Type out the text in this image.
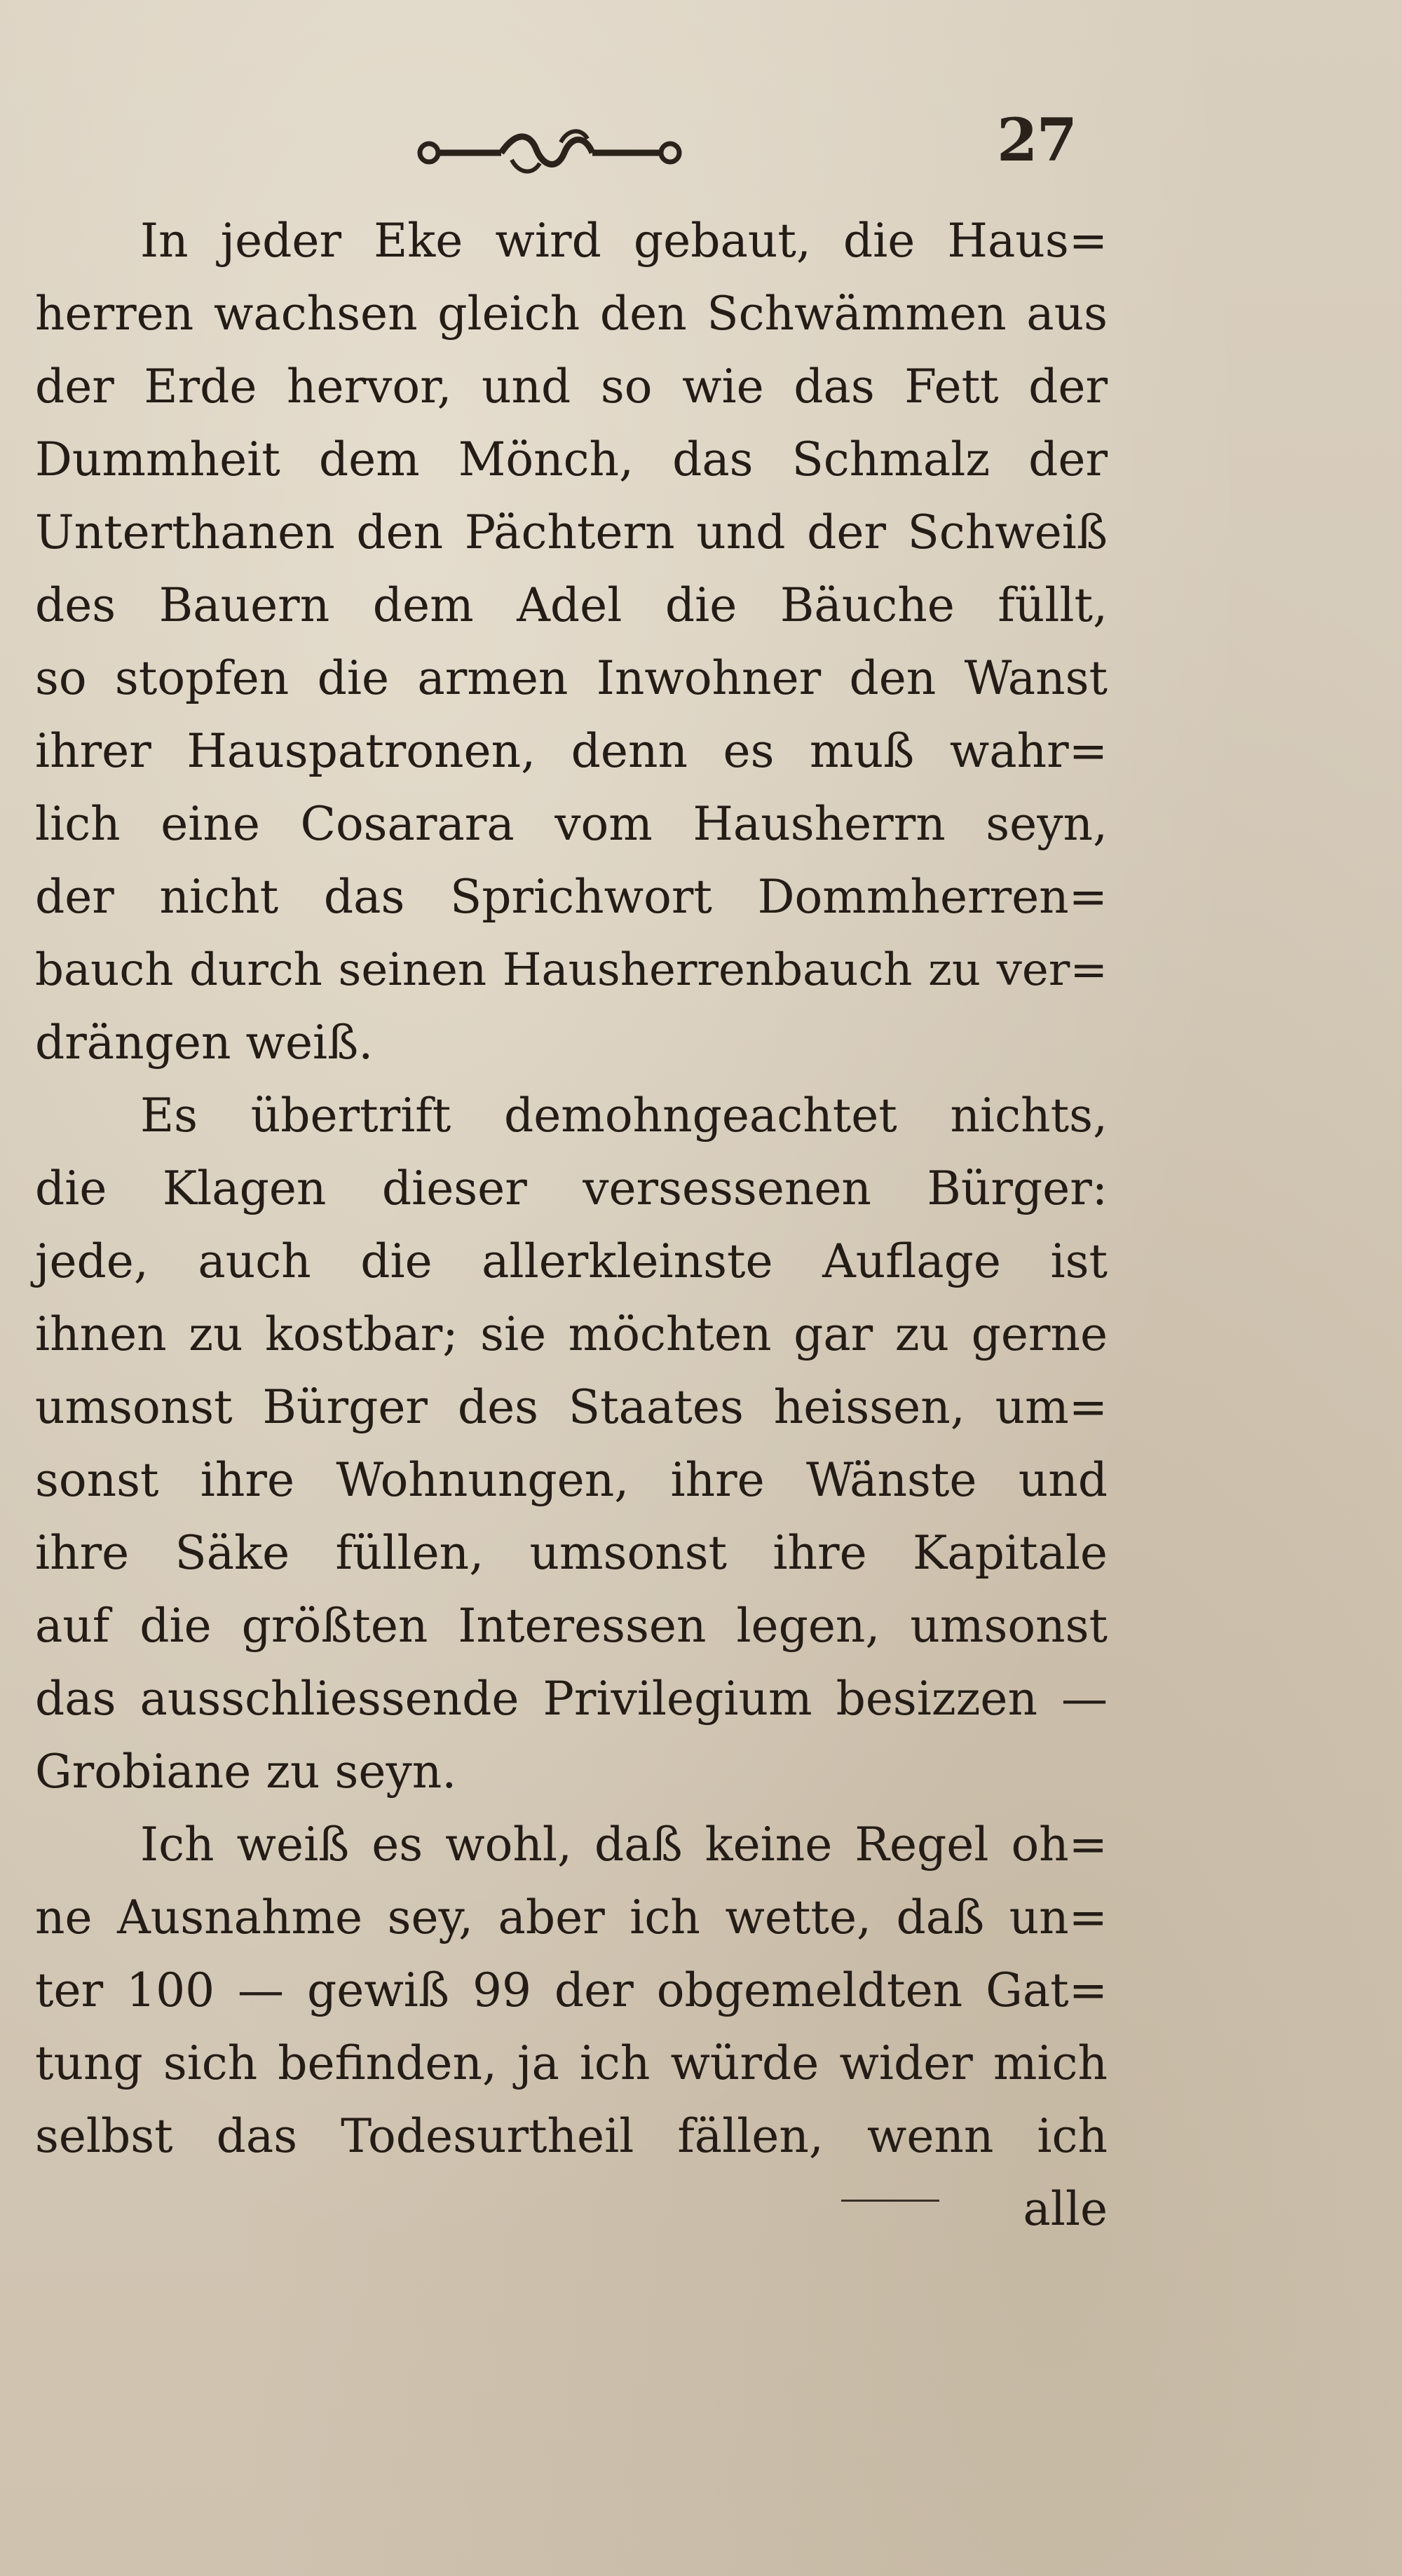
27
In jeder Eke wird gebaut, die Haus=
herren wachsen gleich den Schwämmen aus
der Erde hervor, und so wie das Fett der
Dummheit dem Mönch, das Schmalz der
Unterthanen den Pächtern und der Schweiß
des Bauern dem Adel die Bäuche füllt,
so stopfen die armen Inwohner den Wanst
ihrer Hauspatronen, denn es muß wahr=
lich eine Cosarara vom Hausherrn seyn,
der nicht das Sprichwort Dommherren=
bauch durch seinen Hausherrenbauch zu ver=
drängen weiß.
Es übertrift demohngeachtet nichts,
die Klagen dieser versessenen Bürger:
jede, auch die allerkleinste Auflage ist
ihnen zu kostbar; sie möchten gar zu gerne
umsonst Bürger des Staates heissen, um=
sonst ihre Wohnungen, ihre Wänste und
ihre Säke füllen, umsonst ihre Kapitale
auf die größten Interessen legen, umsonst
das ausschliessende Privilegium besizzen —
Grobiane zu seyn.
Ich weiß es wohl, daß keine Regel oh=
ne Ausnahme sey, aber ich wette, daß un=
ter 100 — gewiß 99 der obgemeldten Gat=
tung sich befinden, ja ich würde wider mich
selbst das Todesurtheil fällen, wenn ich
alle
